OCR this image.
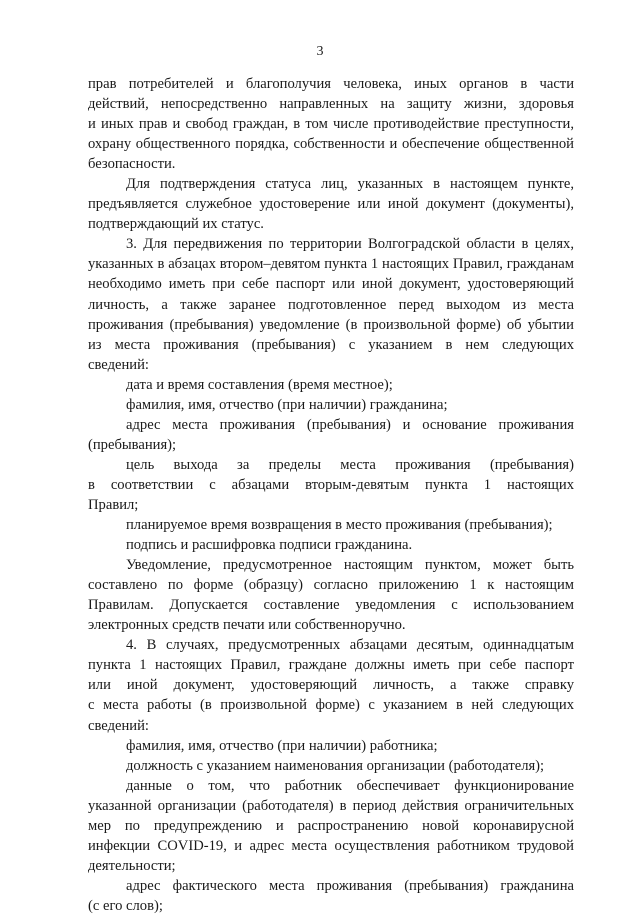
3

прав потребителей и благополучия человека, иных органов в части
действий, непосредственно направленных на защиту жизни, здоровья
и иных прав и свобод граждан, в том числе противодействие преступности,
охрану общественного порядка, собственности и обеспечение общественной
безопасности.

Для подтверждения статуса лиц, указанных в настоящем пункте,
предъявляется служебное удостоверение или иной документ (документы),
подтверждающий их статус.

3. Для передвижения по территории Волгоградской области в целях,
указанных в абзацах втором–девятом пункта 1 настоящих Правил, гражданам
необходимо иметь при себе паспорт или иной документ, удостоверяющий
личность, а также заранее подготовленное перед выходом из места
проживания (пребывания) уведомление (в произвольной форме) об убытии
из места проживания (пребывания) с указанием в нем следующих
сведений:

дата и время составления (время местное);

фамилия, имя, отчество (при наличии) гражданина;

адрес места проживания (пребывания) и основание проживания
(пребывания);

цель выхода за пределы места проживания (пребывания)
в соответствии с абзацами вторым-девятым пункта 1 настоящих
Правил;

планируемое время возвращения в место проживания (пребывания);

подпись и расшифровка подписи гражданина.

Уведомление, предусмотренное настоящим пунктом, может быть
составлено по форме (образцу) согласно приложению 1 к настоящим
Правилам. Допускается составление уведомления с использованием
электронных средств печати или собственноручно.

4. В случаях, предусмотренных абзацами десятым, одиннадцатым
пункта 1 настоящих Правил, граждане должны иметь при себе паспорт
или иной документ, удостоверяющий личность, а также справку
с места работы (в произвольной форме) с указанием в ней следующих
сведений:

фамилия, имя, отчество (при наличии) работника;

должность с указанием наименования организации (работодателя);

данные о том, что работник обеспечивает функционирование
указанной организации (работодателя) в период действия ограничительных
мер по предупреждению и распространению новой коронавирусной
инфекции COVID-19, и адрес места осуществления работником трудовой
деятельности;

адрес фактического места проживания (пребывания) гражданина
(с его слов);
